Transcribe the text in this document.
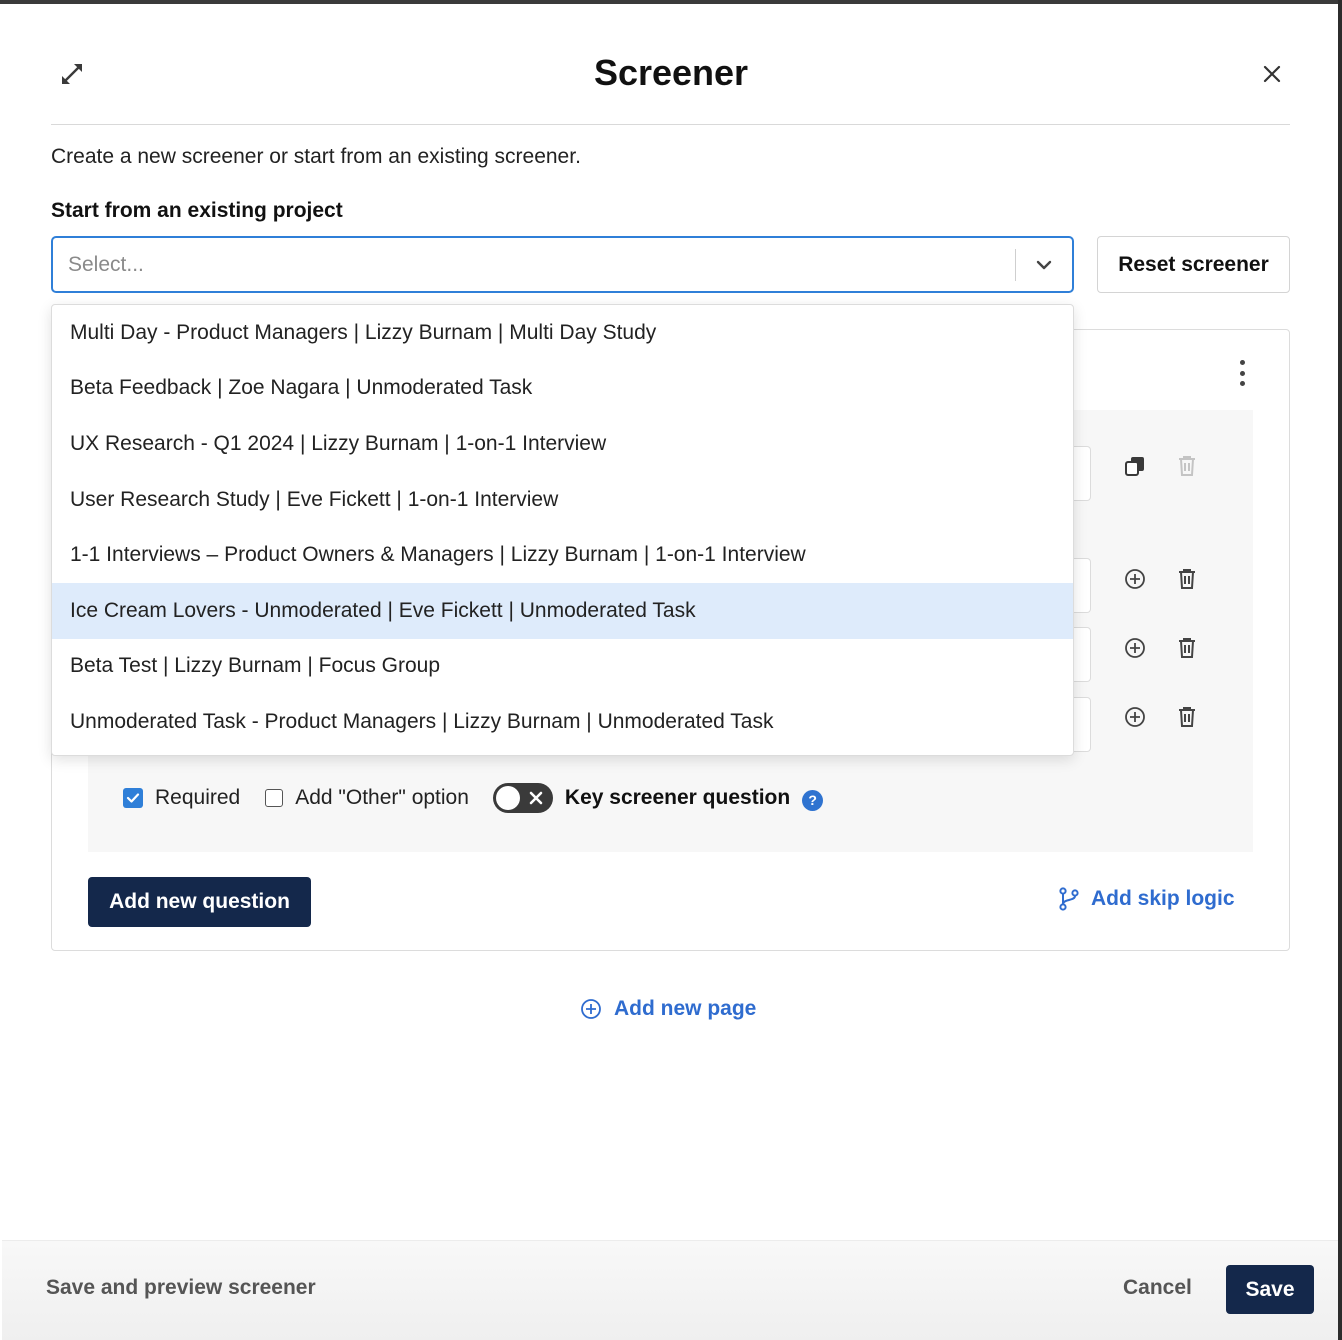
Screener

Create a new screener or start from an existing screener.

Start from an existing project

Select...
Reset screener
Required	Add "Other" option	Key screener question	?
Add new question	Add skip logic
Add new page
Multi Day - Product Managers | Lizzy Burnam | Multi Day Study
Beta Feedback | Zoe Nagara | Unmoderated Task
UX Research - Q1 2024 | Lizzy Burnam | 1-on-1 Interview
User Research Study | Eve Fickett | 1-on-1 Interview
1-1 Interviews – Product Owners & Managers | Lizzy Burnam | 1-on-1 Interview
Ice Cream Lovers - Unmoderated | Eve Fickett | Unmoderated Task
Beta Test | Lizzy Burnam | Focus Group
Unmoderated Task - Product Managers | Lizzy Burnam | Unmoderated Task
Save and preview screener	Cancel	Save
